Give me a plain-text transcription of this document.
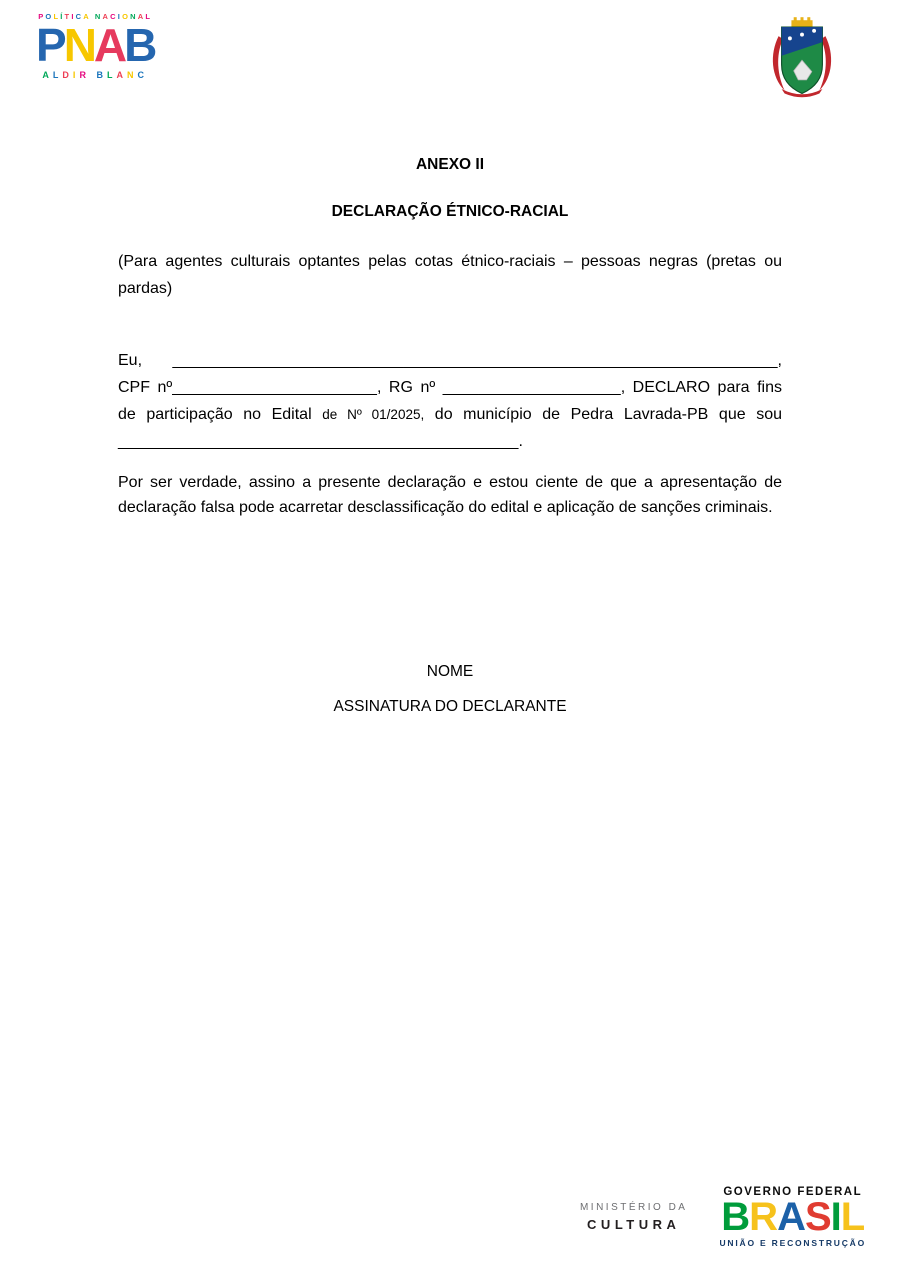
POLÍTICA NACIONAL
PNAB
ALDIR BLANC
ANEXO II
DECLARAÇÃO ÉTNICO-RACIAL

(Para agentes culturais optantes pelas cotas étnico-raciais – pessoas negras (pretas ou pardas)

Eu, ____________________________________________________________________, CPF nº_______________________, RG nº ____________________, DECLARO para fins de participação no Edital de Nº 01/2025, do município de Pedra Lavrada-PB que sou _____________________________________________.

Por ser verdade, assino a presente declaração e estou ciente de que a apresentação de declaração falsa pode acarretar desclassificação do edital e aplicação de sanções criminais.

NOME
ASSINATURA DO DECLARANTE
MINISTÉRIO DA
CULTURA
GOVERNO FEDERAL
BRASIL
UNIÃO E RECONSTRUÇÃO
